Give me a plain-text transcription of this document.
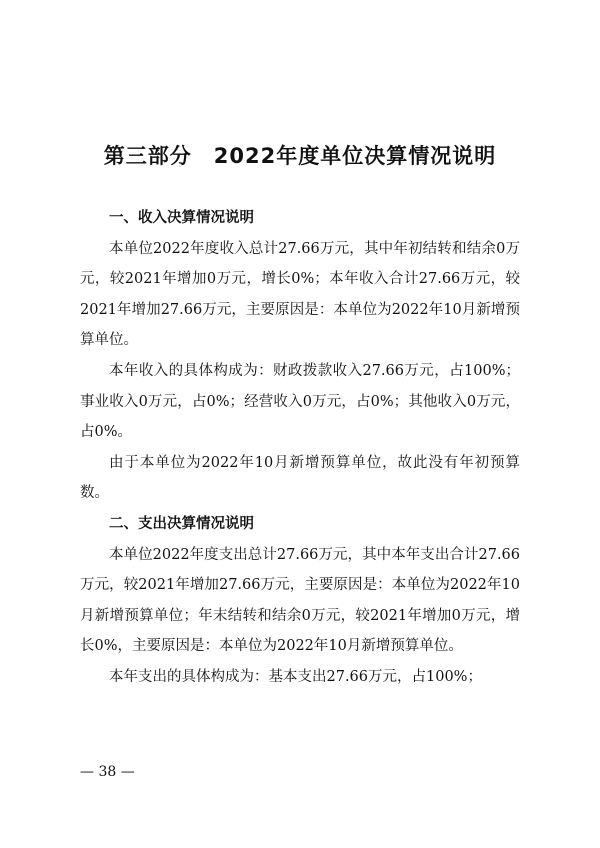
第三部分　2022年度单位决算情况说明
一、收入决算情况说明

本单位2022年度收入总计27.66万元，其中年初结转和结余0万元，较2021年增加0万元，增长0%；本年收入合计27.66万元，较2021年增加27.66万元，主要原因是：本单位为2022年10月新增预算单位。

本年收入的具体构成为：财政拨款收入27.66万元，占100%；事业收入0万元，占0%；经营收入0万元，占0%；其他收入0万元，占0%。

由于本单位为2022年10月新增预算单位，故此没有年初预算数。

二、支出决算情况说明

本单位2022年度支出总计27.66万元，其中本年支出合计27.66万元，较2021年增加27.66万元，主要原因是：本单位为2022年10月新增预算单位；年末结转和结余0万元，较2021年增加0万元，增长0%，主要原因是：本单位为2022年10月新增预算单位。

本年支出的具体构成为：基本支出27.66万元，占100%；

— 38 —
